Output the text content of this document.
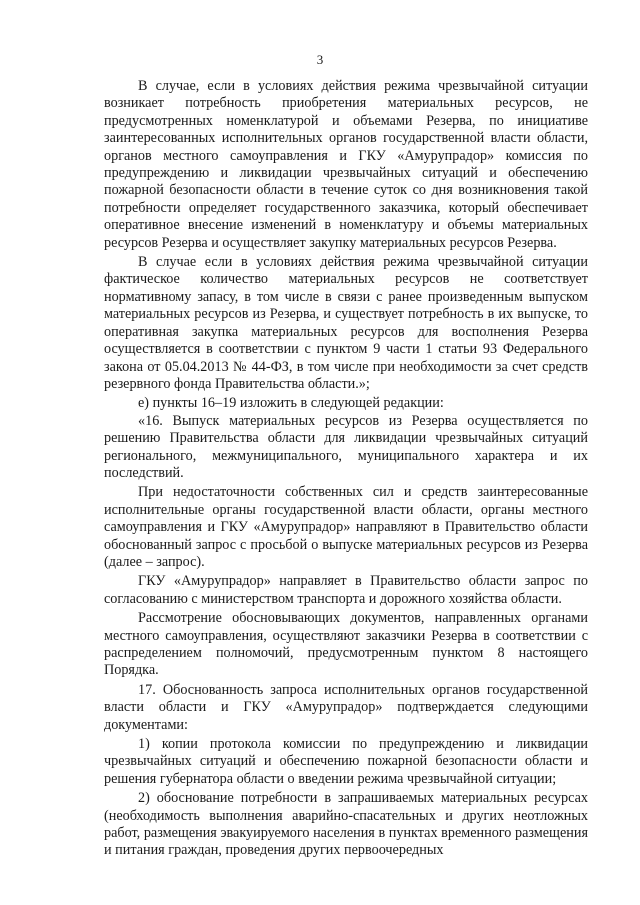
3

В случае, если в условиях действия режима чрезвычайной ситуации возникает потребность приобретения материальных ресурсов, не предусмотренных номенклатурой и объемами Резерва, по инициативе заинтересованных исполнительных органов государственной власти области, органов местного самоуправления и ГКУ «Амурупрадор» комиссия по предупреждению и ликвидации чрезвычайных ситуаций и обеспечению пожарной безопасности области в течение суток со дня возникновения такой потребности определяет государственного заказчика, который обеспечивает оперативное внесение изменений в номенклатуру и объемы материальных ресурсов Резерва и осуществляет закупку материальных ресурсов Резерва.

В случае если в условиях действия режима чрезвычайной ситуации фактическое количество материальных ресурсов не соответствует нормативному запасу, в том числе в связи с ранее произведенным выпуском материальных ресурсов из Резерва, и существует потребность в их выпуске, то оперативная закупка материальных ресурсов для восполнения Резерва осуществляется в соответствии с пунктом 9 части 1 статьи 93 Федерального закона от 05.04.2013 № 44-ФЗ, в том числе при необходимости за счет средств резервного фонда Правительства области.»;

е) пункты 16–19 изложить в следующей редакции:

«16. Выпуск материальных ресурсов из Резерва осуществляется по решению Правительства области для ликвидации чрезвычайных ситуаций регионального, межмуниципального, муниципального характера и их последствий.

При недостаточности собственных сил и средств заинтересованные исполнительные органы государственной власти области, органы местного самоуправления и ГКУ «Амурупрадор» направляют в Правительство области обоснованный запрос с просьбой о выпуске материальных ресурсов из Резерва (далее – запрос).

ГКУ «Амурупрадор» направляет в Правительство области запрос по согласованию с министерством транспорта и дорожного хозяйства области.

Рассмотрение обосновывающих документов, направленных органами местного самоуправления, осуществляют заказчики Резерва в соответствии с распределением полномочий, предусмотренным пунктом 8 настоящего Порядка.

17. Обоснованность запроса исполнительных органов государственной власти области и ГКУ «Амурупрадор» подтверждается следующими документами:

1) копии протокола комиссии по предупреждению и ликвидации чрезвычайных ситуаций и обеспечению пожарной безопасности области и решения губернатора области о введении режима чрезвычайной ситуации;

2) обоснование потребности в запрашиваемых материальных ресурсах (необходимость выполнения аварийно-спасательных и других неотложных работ, размещения эвакуируемого населения в пунктах временного размещения и питания граждан, проведения других первоочередных
